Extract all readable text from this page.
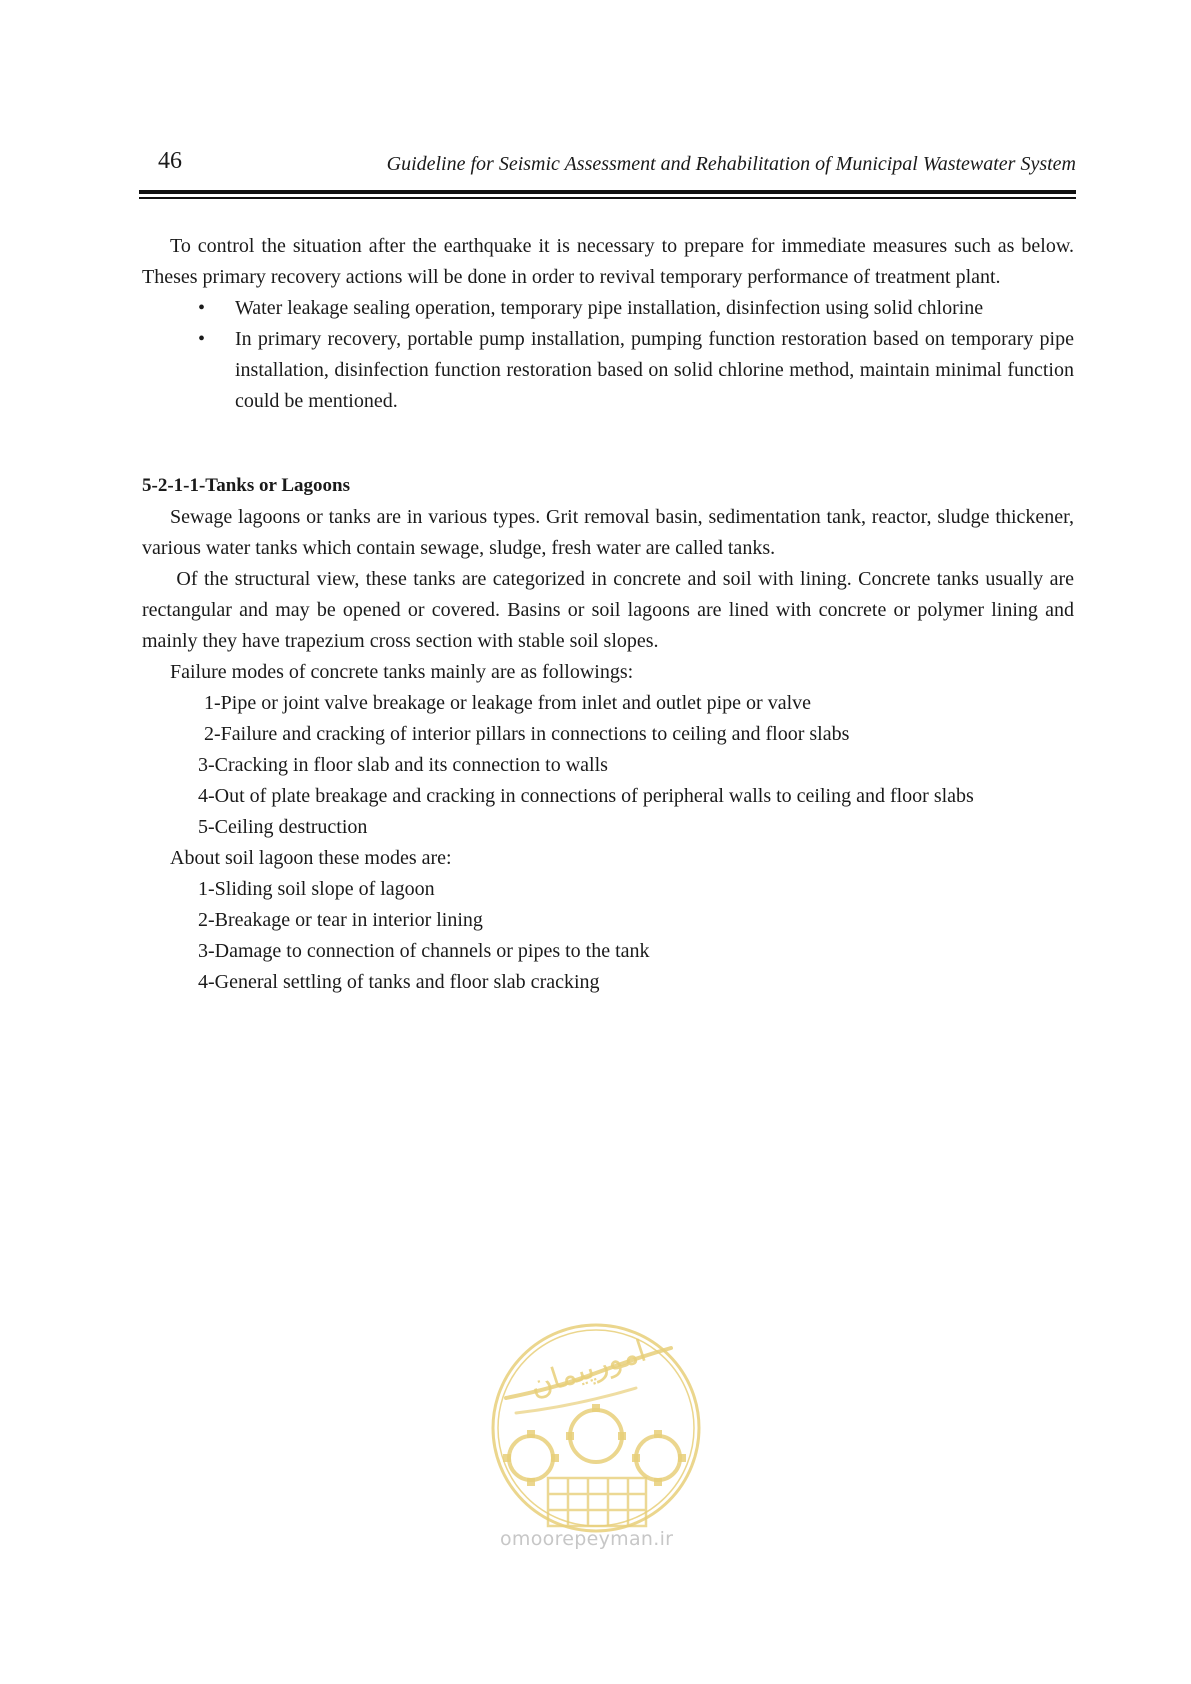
46	Guideline for Seismic Assessment and Rehabilitation of Municipal Wastewater System

To control the situation after the earthquake it is necessary to prepare for immediate measures such as below. Theses primary recovery actions will be done in order to revival temporary performance of treatment plant.

• Water leakage sealing operation, temporary pipe installation, disinfection using solid chlorine
• In primary recovery, portable pump installation, pumping function restoration based on temporary pipe installation, disinfection function restoration based on solid chlorine method, maintain minimal function could be mentioned.

5-2-1-1-Tanks or Lagoons

Sewage lagoons or tanks are in various types. Grit removal basin, sedimentation tank, reactor, sludge thickener, various water tanks which contain sewage, sludge, fresh water are called tanks.

Of the structural view, these tanks are categorized in concrete and soil with lining. Concrete tanks usually are rectangular and may be opened or covered. Basins or soil lagoons are lined with concrete or polymer lining and mainly they have trapezium cross section with stable soil slopes.

Failure modes of concrete tanks mainly are as followings:

1-Pipe or joint valve breakage or leakage from inlet and outlet pipe or valve

2-Failure and cracking of interior pillars in connections to ceiling and floor slabs

3-Cracking in floor slab and its connection to walls

4-Out of plate breakage and cracking in connections of peripheral walls to ceiling and floor slabs

5-Ceiling destruction

About soil lagoon these modes are:

1-Sliding soil slope of lagoon

2-Breakage or tear in interior lining

3-Damage to connection of channels or pipes to the tank

4-General settling of tanks and floor slab cracking

امورپیمان
omoorepeyman.ir
